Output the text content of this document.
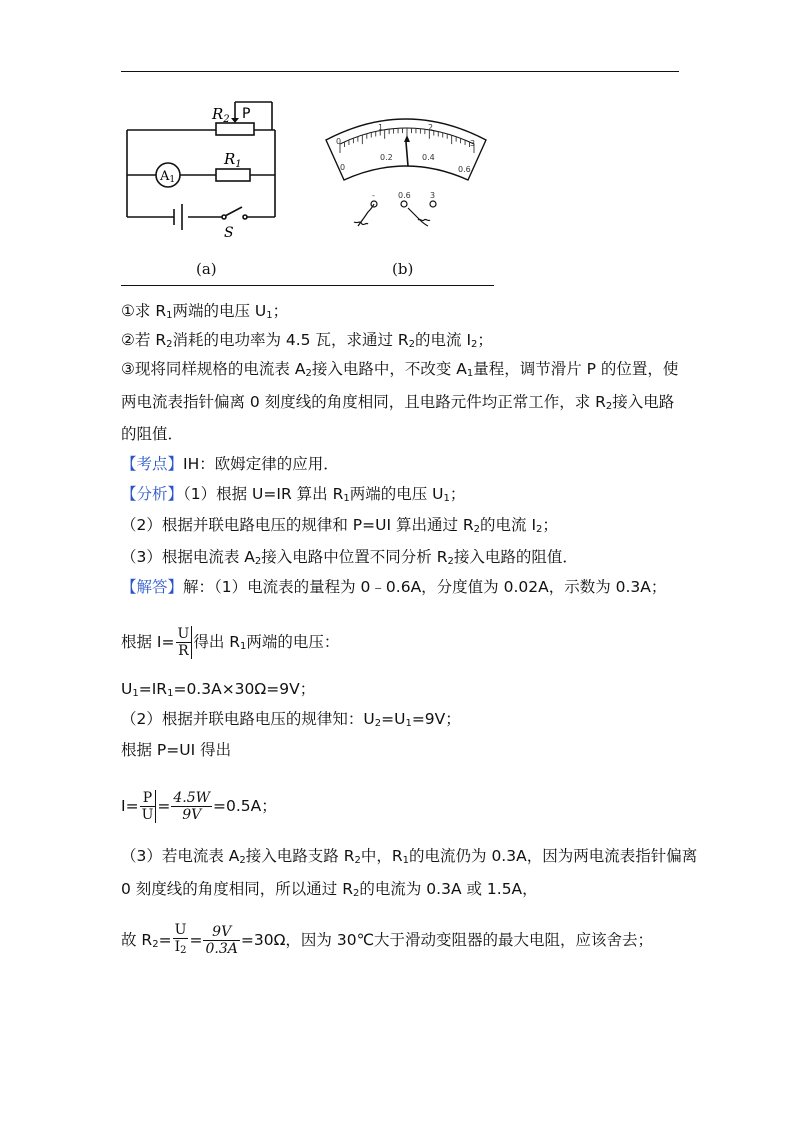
$R_2$ P
$R_1$
A1
S
(a)
0
1	2
3
0
0.2	0.4
0.6
-	0.6 3
(b)
①求 $R_1$两端的电压 $U_1$；
②若 $R_2$消耗的电功率为 4.5 瓦，求通过 $R_2$的电流 $I_2$；
③现将同样规格的电流表 $A_2$接入电路中，不改变 $A_1$量程，调节滑片 P 的位置，使
两电流表指针偏离 0 刻度线的角度相同，且电路元件均正常工作，求 $R_2$接入电路
的阻值．
【考点】IH：欧姆定律的应用．
【分析】（1）根据 U=IR 算出 $R_1$两端的电压 $U_1$；
（2）根据并联电路电压的规律和 P=UI 算出通过 $R_2$的电流 $I_2$；
（3）根据电流表 $A_2$接入电路中位置不同分析 $R_2$接入电路的阻值．
【解答】解：（1）电流表的量程为 0﹣0.6A，分度值为 0.02A，示数为 0.3A；
根据 $I= \frac{U}{R}$ 得出 $R_1$两端的电压：
$U_1=IR_1=0.3A\times 30\Omega=9V$；
（2）根据并联电路电压的规律知：$U_2=U_1=9V$；
根据 P=UI 得出
$I= \frac{P}{U} = \frac{4.5W}{9V} =0.5A$；
（3）若电流表 $A_2$接入电路支路 $R_2$中，$R_1$的电流仍为 0.3A，因为两电流表指针偏离
0 刻度线的角度相同，所以通过 $R_2$的电流为 0.3A 或 1.5A，
故 $R_2= \frac{U}{I_2} = \frac{9V}{0.3A} =30\Omega$，因为 30℃大于滑动变阻器的最大电阻，应该舍去；
